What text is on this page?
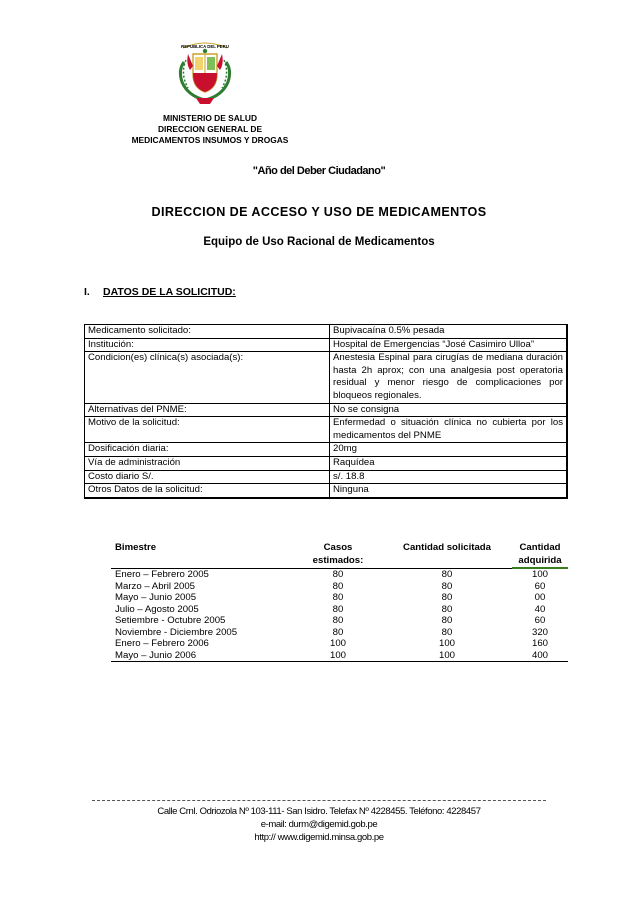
REPUBLICA DEL PERU
MINISTERIO DE SALUD
DIRECCION GENERAL DE
MEDICAMENTOS INSUMOS Y DROGAS
"Año del Deber Ciudadano"
DIRECCION DE ACCESO Y USO DE MEDICAMENTOS
Equipo de Uso Racional de Medicamentos
I. DATOS DE LA SOLICITUD:
Medicamento solicitado:	Bupivacaína 0.5% pesada
Institución:	Hospital de Emergencias “José Casimiro Ulloa”
Condicion(es) clínica(s) asociada(s):	Anestesia Espinal para cirugías de mediana duración hasta 2h aprox; con una analgesia post operatoria residual y menor riesgo de complicaciones por bloqueos regionales.
Alternativas del PNME:	No se consigna
Motivo de la solicitud:	Enfermedad o situación clínica no cubierta por los medicamentos del PNME
Dosificación diaria:	20mg
Vía de administración	Raquídea
Costo diario S/.	s/. 18.8
Otros Datos de la solicitud:	Ninguna
Bimestre	Casos estimados:	Cantidad solicitada	Cantidad adquirida
Enero – Febrero 2005	80	80	100
Marzo – Abril 2005	80	80	60
Mayo – Junio 2005	80	80	00
Julio – Agosto 2005	80	80	40
Setiembre - Octubre 2005	80	80	60
Noviembre - Diciembre 2005	80	80	320
Enero – Febrero 2006	100	100	160
Mayo – Junio 2006	100	100	400
Calle Crnl. Odriozola Nº 103-111- San Isidro. Telefax Nº 4228455. Teléfono: 4228457
e-mail: durm@digemid.gob.pe
http:// www.digemid.minsa.gob.pe
